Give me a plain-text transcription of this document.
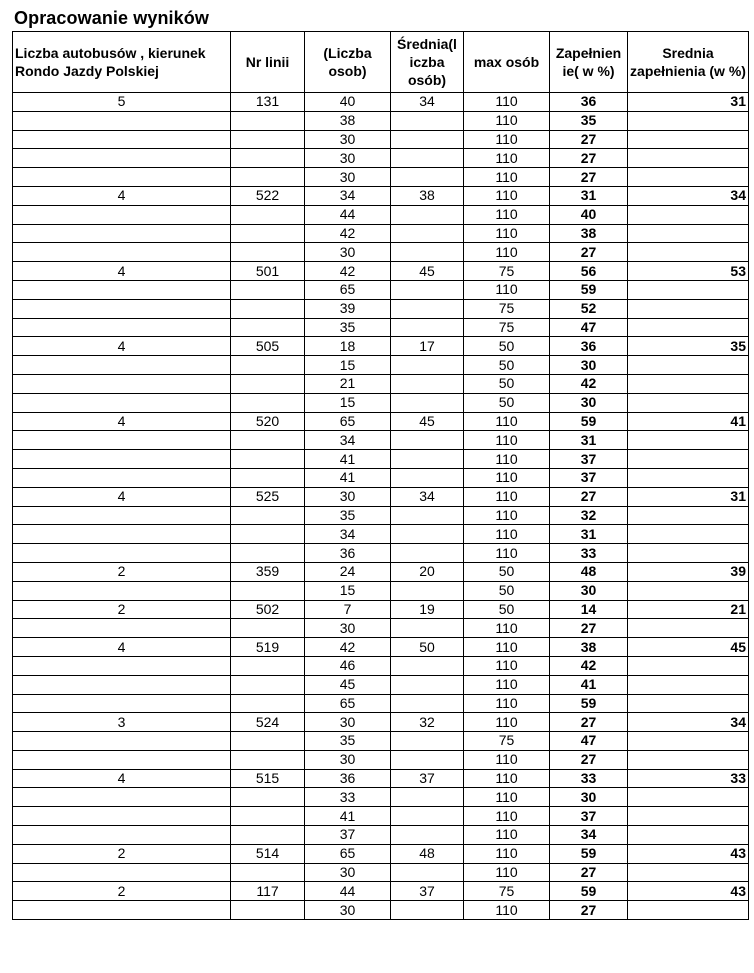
Opracowanie wyników
Liczba autobusów , kierunek Rondo Jazdy Polskiej	Nr linii	(Liczba osob)	Średnia(l iczba osób)	max osób	Zapełnien ie( w %)	Srednia zapełnienia (w %)
5	131	40	34	110	36	31
		38		110	35	
		30		110	27	
		30		110	27	
		30		110	27	
4	522	34	38	110	31	34
		44		110	40	
		42		110	38	
		30		110	27	
4	501	42	45	75	56	53
		65		110	59	
		39		75	52	
		35		75	47	
4	505	18	17	50	36	35
		15		50	30	
		21		50	42	
		15		50	30	
4	520	65	45	110	59	41
		34		110	31	
		41		110	37	
		41		110	37	
4	525	30	34	110	27	31
		35		110	32	
		34		110	31	
		36		110	33	
2	359	24	20	50	48	39
		15		50	30	
2	502	7	19	50	14	21
		30		110	27	
4	519	42	50	110	38	45
		46		110	42	
		45		110	41	
		65		110	59	
3	524	30	32	110	27	34
		35		75	47	
		30		110	27	
4	515	36	37	110	33	33
		33		110	30	
		41		110	37	
		37		110	34	
2	514	65	48	110	59	43
		30		110	27	
2	117	44	37	75	59	43
		30		110	27	
